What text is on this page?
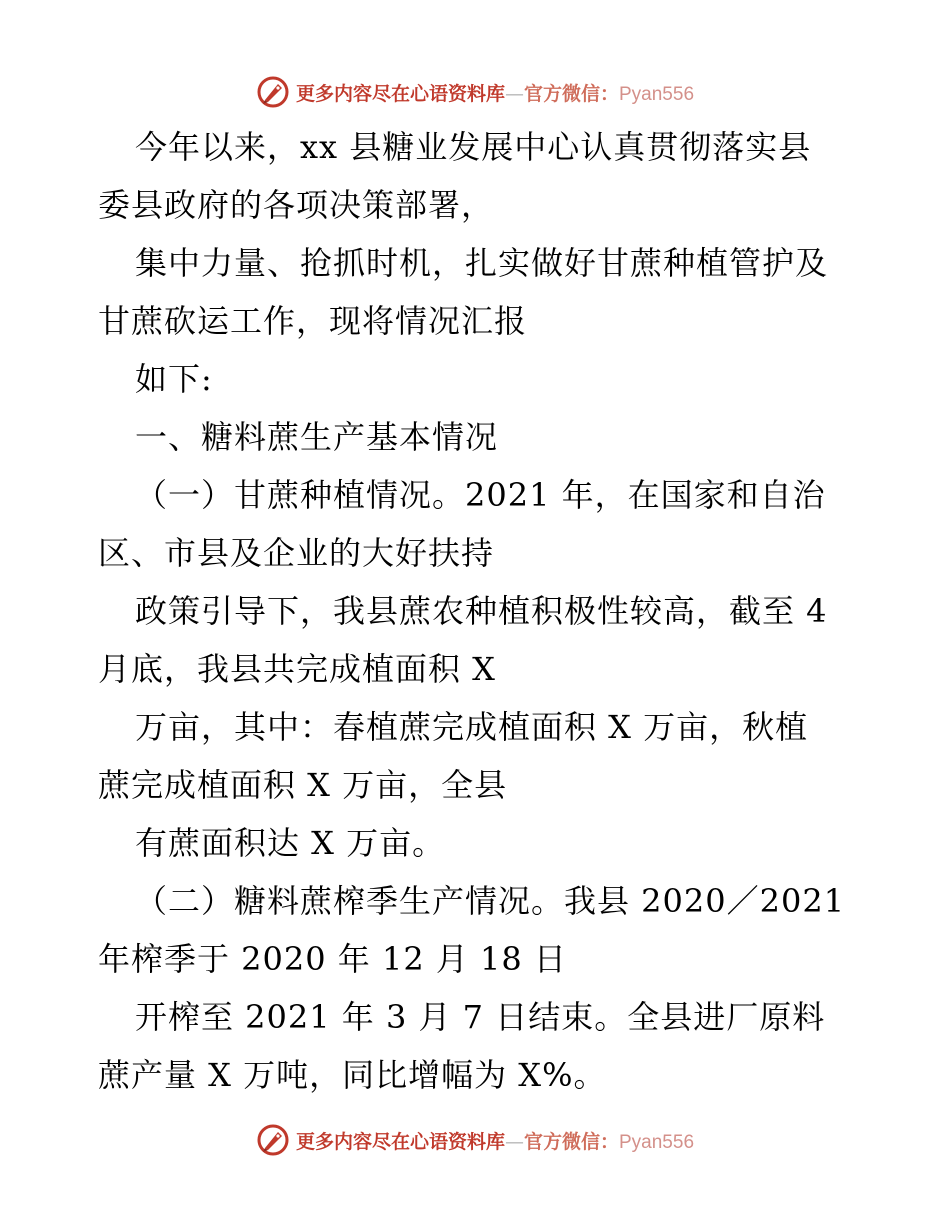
更多内容尽在心语资料库—官方微信：Pyan556
今年以来，xx 县糖业发展中心认真贯彻落实县
委县政府的各项决策部署，
集中力量、抢抓时机，扎实做好甘蔗种植管护及
甘蔗砍运工作，现将情况汇报
如下:
一、糖料蔗生产基本情况
（一）甘蔗种植情况。2021 年，在国家和自治
区、市县及企业的大好扶持
政策引导下，我县蔗农种植积极性较高，截至 4
月底，我县共完成植面积 X
万亩，其中：春植蔗完成植面积 X 万亩，秋植
蔗完成植面积 X 万亩，全县
有蔗面积达 X 万亩。
（二）糖料蔗榨季生产情况。我县 2020／2021
年榨季于 2020 年 12 月 18 日
开榨至 2021 年 3 月 7 日结束。全县进厂原料
蔗产量 X 万吨，同比增幅为 X%。
更多内容尽在心语资料库—官方微信：Pyan556
